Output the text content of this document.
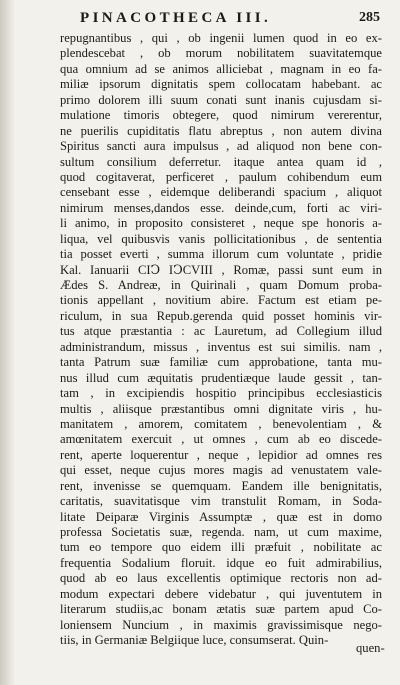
PINACOTHECA III.	285
repugnantibus , qui , ob ingenii lumen quod in eo ex-
plendescebat , ob morum nobilitatem suavitatemque
qua omnium ad se animos alliciebat , magnam in eo fa-
miliæ ipsorum dignitatis spem collocatam habebant. ac
primo dolorem illi suum conati sunt inanis cujusdam si-
mulatione timoris obtegere, quod nimirum vererentur,
ne puerilis cupiditatis flatu abreptus , non autem divina
Spiritus sancti aura impulsus , ad aliquod non bene con-
sultum consilium deferretur. itaque antea quam id ,
quod cogitaverat, perficeret , paulum cohibendum eum
censebant esse , eidemque deliberandi spacium , aliquot
nimirum menses,dandos esse. deinde,cum, forti ac viri-
li animo, in proposito consisteret , neque spe honoris a-
liqua, vel quibusvis vanis pollicitationibus , de sententia
tia posset everti , summa illorum cum voluntate , pridie
Kal. Ianuarii CIↃ IↃCVIII , Romæ, passi sunt eum in
Ædes S. Andreæ, in Quirinali , quam Domum proba-
tionis appellant , novitium abire. Factum est etiam pe-
riculum, in sua Repub.gerenda quid posset hominis vir-
tus atque præstantia : ac Lauretum, ad Collegium illud
administrandum, missus , inventus est sui similis. nam ,
tanta Patrum suæ familiæ cum approbatione, tanta mu-
nus illud cum æquitatis prudentiæque laude gessit , tan-
tam , in excipiendis hospitio principibus ecclesiasticis
multis , aliisque præstantibus omni dignitate viris , hu-
manitatem , amorem, comitatem , benevolentiam , &
amœnitatem exercuit , ut omnes , cum ab eo discede-
rent, aperte loquerentur , neque , lepidior ad omnes res
qui esset, neque cujus mores magis ad venustatem vale-
rent, invenisse se quemquam. Eandem ille benignitatis,
caritatis, suavitatisque vim transtulit Romam, in Soda-
litate Deiparæ Virginis Assumptæ , quæ est in domo
professa Societatis suæ, regenda. nam, ut cum maxime,
tum eo tempore quo eidem illi præfuit , nobilitate ac
frequentia Sodalium floruit. idque eo fuit admirabilius,
quod ab eo laus excellentis optimique rectoris non ad-
modum expectari debere videbatur , qui juventutem in
literarum studiis,ac bonam ætatis suæ partem apud Co-
loniensem Nuncium , in maximis gravissimisque nego-
tiis, in Germaniæ Belgiique luce, consumserat. Quin-
quen-
